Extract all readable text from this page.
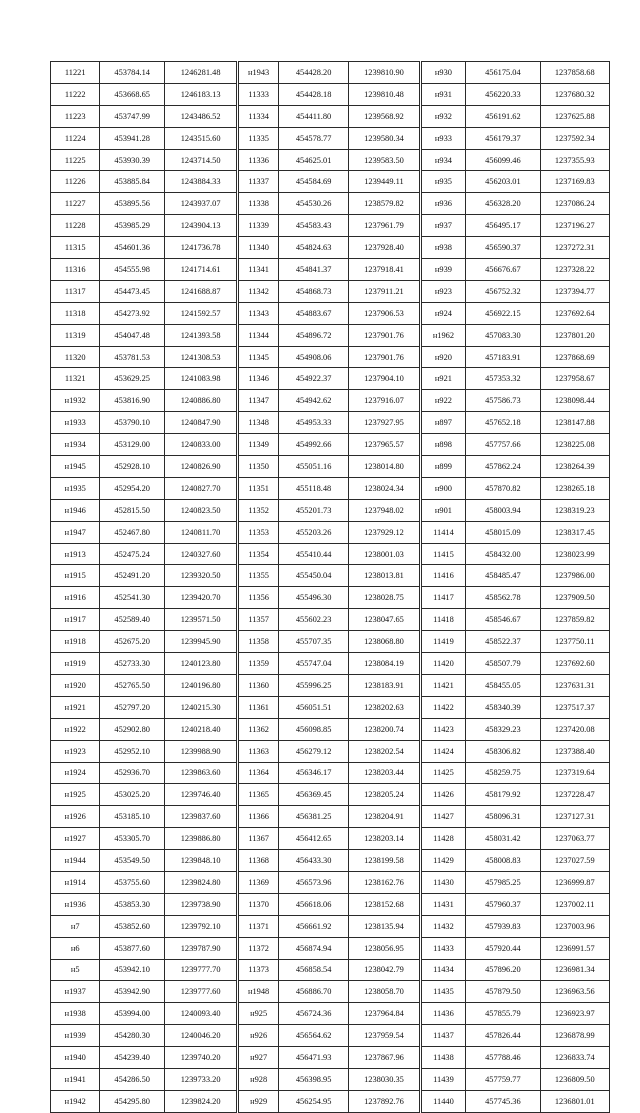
11221	453784.14	1246281.48
11222	453668.65	1246183.13
11223	453747.99	1243486.52
11224	453941.28	1243515.60
11225	453930.39	1243714.50
11226	453885.84	1243884.33
11227	453895.56	1243937.07
11228	453985.29	1243904.13
11315	454601.36	1241736.78
11316	454555.98	1241714.61
11317	454473.45	1241688.87
11318	454273.92	1241592.57
11319	454047.48	1241393.58
11320	453781.53	1241308.53
11321	453629.25	1241083.98
н1932	453816.90	1240886.80
н1933	453790.10	1240847.90
н1934	453129.00	1240833.00
н1945	452928.10	1240826.90
н1935	452954.20	1240827.70
н1946	452815.50	1240823.50
н1947	452467.80	1240811.70
н1913	452475.24	1240327.60
н1915	452491.20	1239320.50
н1916	452541.30	1239420.70
н1917	452589.40	1239571.50
н1918	452675.20	1239945.90
н1919	452733.30	1240123.80
н1920	452765.50	1240196.80
н1921	452797.20	1240215.30
н1922	452902.80	1240218.40
н1923	452952.10	1239988.90
н1924	452936.70	1239863.60
н1925	453025.20	1239746.40
н1926	453185.10	1239837.60
н1927	453305.70	1239886.80
н1944	453549.50	1239848.10
н1914	453755.60	1239824.80
н1936	453853.30	1239738.90
н7	453852.60	1239792.10
н6	453877.60	1239787.90
н5	453942.10	1239777.70
н1937	453942.90	1239777.60
н1938	453994.00	1240093.40
н1939	454280.30	1240046.20
н1940	454239.40	1239740.20
н1941	454286.50	1239733.20
н1942	454295.80	1239824.20
н1943	454428.20	1239810.90
11333	454428.18	1239810.48
11334	454411.80	1239568.92
11335	454578.77	1239580.34
11336	454625.01	1239583.50
11337	454584.69	1239449.11
11338	454530.26	1238579.82
11339	454583.43	1237961.79
11340	454824.63	1237928.40
11341	454841.37	1237918.41
11342	454868.73	1237911.21
11343	454883.67	1237906.53
11344	454896.72	1237901.76
11345	454908.06	1237901.76
11346	454922.37	1237904.10
11347	454942.62	1237916.07
11348	454953.33	1237927.95
11349	454992.66	1237965.57
11350	455051.16	1238014.80
11351	455118.48	1238024.34
11352	455201.73	1237948.02
11353	455203.26	1237929.12
11354	455410.44	1238001.03
11355	455450.04	1238013.81
11356	455496.30	1238028.75
11357	455602.23	1238047.65
11358	455707.35	1238068.80
11359	455747.04	1238084.19
11360	455996.25	1238183.91
11361	456051.51	1238202.63
11362	456098.85	1238200.74
11363	456279.12	1238202.54
11364	456346.17	1238203.44
11365	456369.45	1238205.24
11366	456381.25	1238204.91
11367	456412.65	1238203.14
11368	456433.30	1238199.58
11369	456573.96	1238162.76
11370	456618.06	1238152.68
11371	456661.92	1238135.94
11372	456874.94	1238056.95
11373	456858.54	1238042.79
н1948	456886.70	1238058.70
н925	456724.36	1237964.84
н926	456564.62	1237959.54
н927	456471.93	1237867.96
н928	456398.95	1238030.35
н929	456254.95	1237892.76
н930	456175.04	1237858.68
н931	456220.33	1237680.32
н932	456191.62	1237625.88
н933	456179.37	1237592.34
н934	456099.46	1237355.93
н935	456203.01	1237169.83
н936	456328.20	1237086.24
н937	456495.17	1237196.27
н938	456590.37	1237272.31
н939	456676.67	1237328.22
н923	456752.32	1237394.77
н924	456922.15	1237692.64
н1962	457083.30	1237801.20
н920	457183.91	1237868.69
н921	457353.32	1237958.67
н922	457586.73	1238098.44
н897	457652.18	1238147.88
н898	457757.66	1238225.08
н899	457862.24	1238264.39
н900	457870.82	1238265.18
н901	458003.94	1238319.23
11414	458015.09	1238317.45
11415	458432.00	1238023.99
11416	458485.47	1237986.00
11417	458562.78	1237909.50
11418	458546.67	1237859.82
11419	458522.37	1237750.11
11420	458507.79	1237692.60
11421	458455.05	1237631.31
11422	458340.39	1237517.37
11423	458329.23	1237420.08
11424	458306.82	1237388.40
11425	458259.75	1237319.64
11426	458179.92	1237228.47
11427	458096.31	1237127.31
11428	458031.42	1237063.77
11429	458008.83	1237027.59
11430	457985.25	1236999.87
11431	457960.37	1237002.11
11432	457939.83	1237003.96
11433	457920.44	1236991.57
11434	457896.20	1236981.34
11435	457879.50	1236963.56
11436	457855.79	1236923.97
11437	457826.44	1236878.99
11438	457788.46	1236833.74
11439	457759.77	1236809.50
11440	457745.36	1236801.01
